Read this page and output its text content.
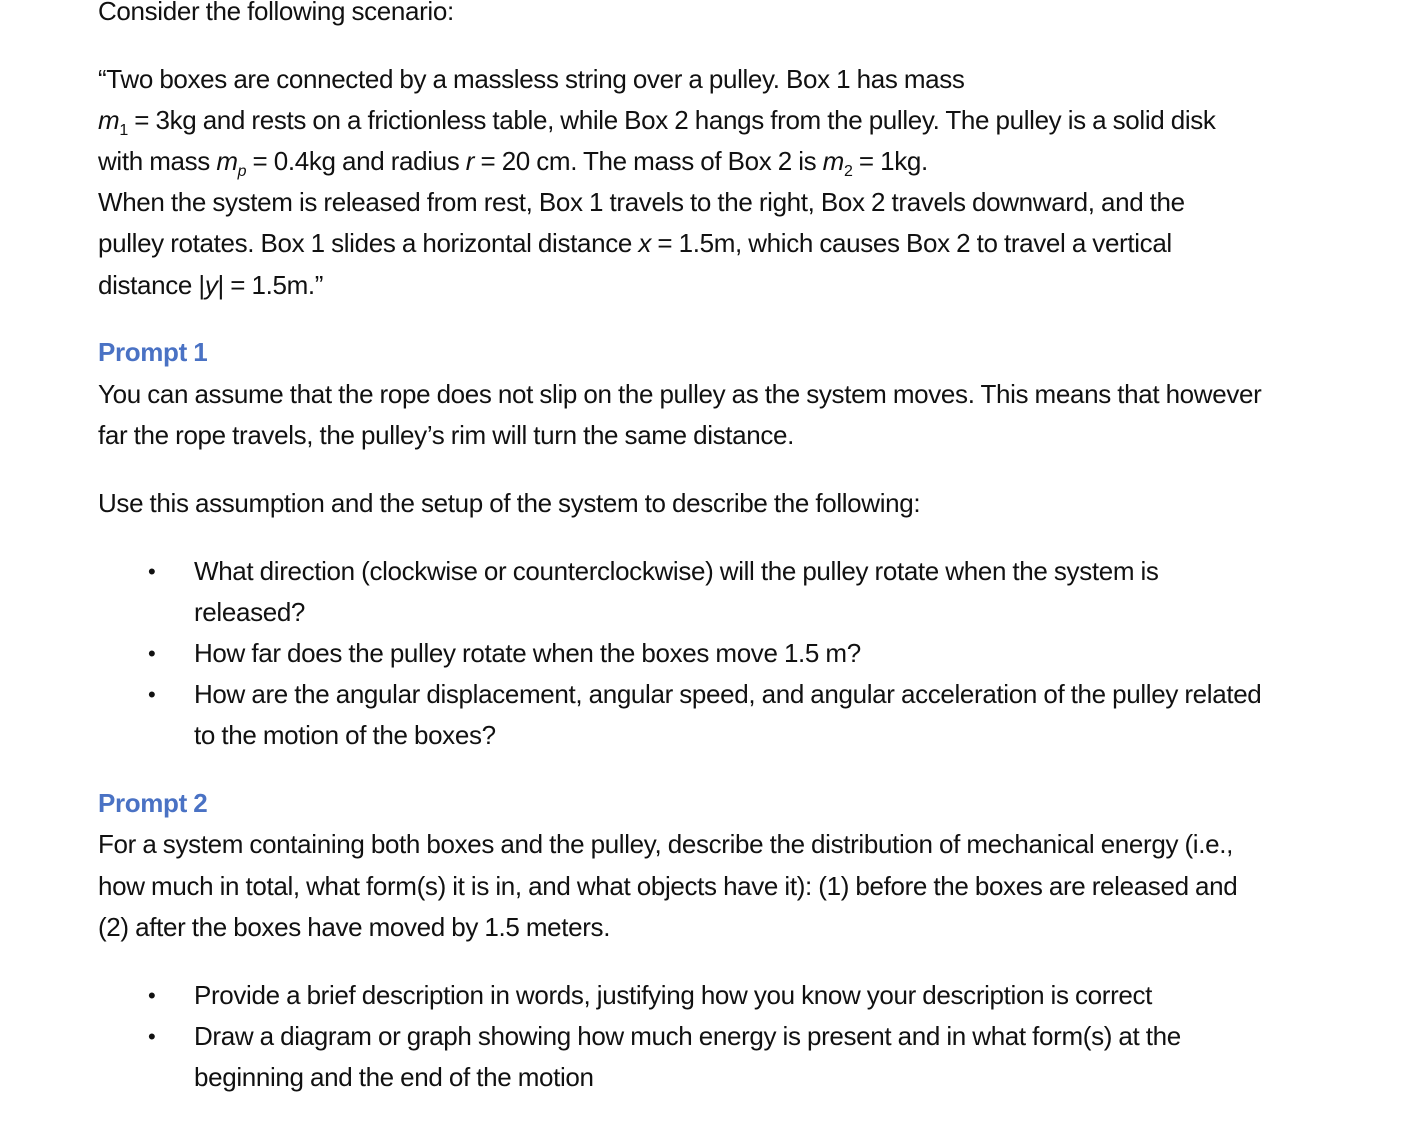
Consider the following scenario:
“Two boxes are connected by a massless string over a pulley. Box 1 has mass
$m_1 = 3kg$ and rests on a frictionless table, while Box 2 hangs from the pulley. The pulley is a solid disk
with mass $m_p = 0.4kg$ and radius r = 20 cm. The mass of Box 2 is $m_2 = 1kg$.
When the system is released from rest, Box 1 travels to the right, Box 2 travels downward, and the
pulley rotates. Box 1 slides a horizontal distance x = 1.5m, which causes Box 2 to travel a vertical
distance |y| = 1.5m.”
Prompt 1
You can assume that the rope does not slip on the pulley as the system moves. This means that however
far the rope travels, the pulley’s rim will turn the same distance.
Use this assumption and the setup of the system to describe the following:
• What direction (clockwise or counterclockwise) will the pulley rotate when the system is
released?
• How far does the pulley rotate when the boxes move 1.5 m?
• How are the angular displacement, angular speed, and angular acceleration of the pulley related
to the motion of the boxes?
Prompt 2
For a system containing both boxes and the pulley, describe the distribution of mechanical energy (i.e.,
how much in total, what form(s) it is in, and what objects have it): (1) before the boxes are released and
(2) after the boxes have moved by 1.5 meters.
• Provide a brief description in words, justifying how you know your description is correct
• Draw a diagram or graph showing how much energy is present and in what form(s) at the
beginning and the end of the motion
